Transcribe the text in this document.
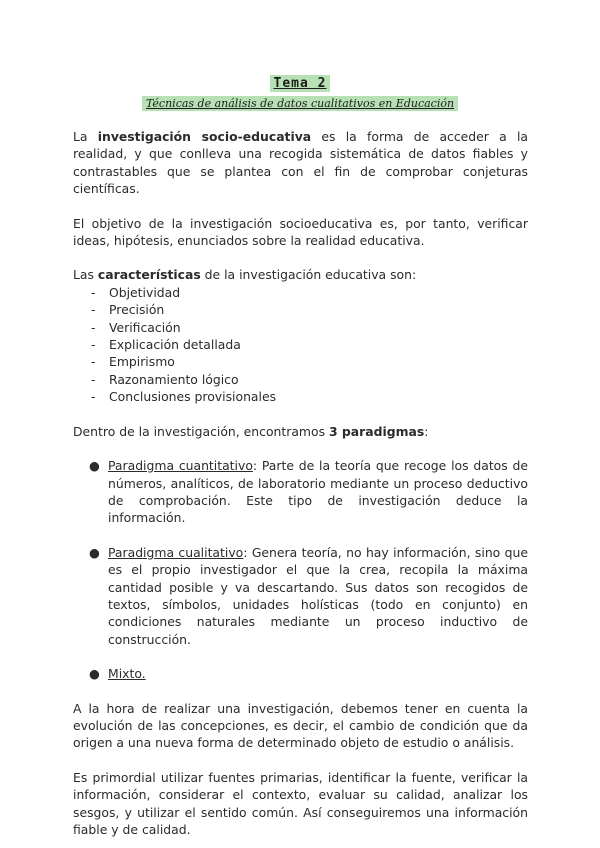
Tema 2
Técnicas de análisis de datos cualitativos en Educación

La investigación socio-educativa es la forma de acceder a la realidad, y que conlleva una recogida sistemática de datos fiables y contrastables que se plantea con el fin de comprobar conjeturas científicas.

El objetivo de la investigación socioeducativa es, por tanto, verificar ideas, hipótesis, enunciados sobre la realidad educativa.

Las características de la investigación educativa son:

- Objetividad
- Precisión
- Verificación
- Explicación detallada
- Empirismo
- Razonamiento lógico
- Conclusiones provisionales

Dentro de la investigación, encontramos 3 paradigmas:

● Paradigma cuantitativo: Parte de la teoría que recoge los datos de números, analíticos, de laboratorio mediante un proceso deductivo de comprobación. Este tipo de investigación deduce la información.
● Paradigma cualitativo: Genera teoría, no hay información, sino que es el propio investigador el que la crea, recopila la máxima cantidad posible y va descartando. Sus datos son recogidos de textos, símbolos, unidades holísticas (todo en conjunto) en condiciones naturales mediante un proceso inductivo de construcción.
● Mixto.

A la hora de realizar una investigación, debemos tener en cuenta la evolución de las concepciones, es decir, el cambio de condición que da origen a una nueva forma de determinado objeto de estudio o análisis.

Es primordial utilizar fuentes primarias, identificar la fuente, verificar la información, considerar el contexto, evaluar su calidad, analizar los sesgos, y utilizar el sentido común. Así conseguiremos una información fiable y de calidad.
